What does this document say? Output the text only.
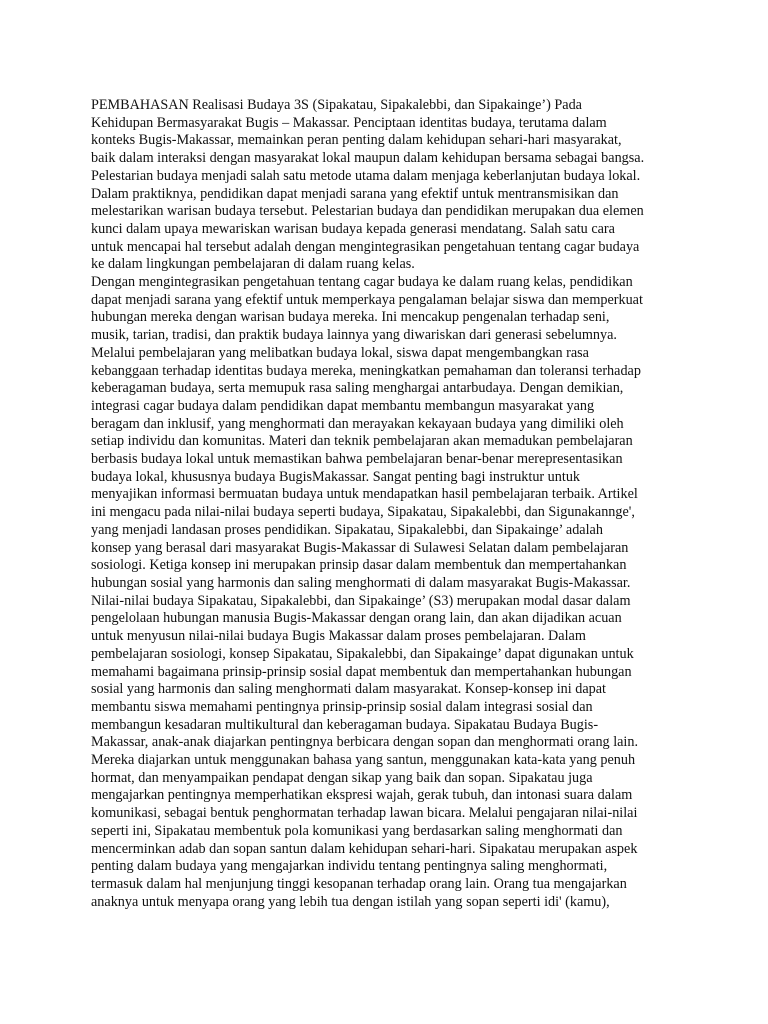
PEMBAHASAN Realisasi Budaya 3S (Sipakatau, Sipakalebbi, dan Sipakainge’) Pada
Kehidupan Bermasyarakat Bugis – Makassar. Penciptaan identitas budaya, terutama dalam
konteks Bugis-Makassar, memainkan peran penting dalam kehidupan sehari-hari masyarakat,
baik dalam interaksi dengan masyarakat lokal maupun dalam kehidupan bersama sebagai bangsa.
Pelestarian budaya menjadi salah satu metode utama dalam menjaga keberlanjutan budaya lokal.
Dalam praktiknya, pendidikan dapat menjadi sarana yang efektif untuk mentransmisikan dan
melestarikan warisan budaya tersebut. Pelestarian budaya dan pendidikan merupakan dua elemen
kunci dalam upaya mewariskan warisan budaya kepada generasi mendatang. Salah satu cara
untuk mencapai hal tersebut adalah dengan mengintegrasikan pengetahuan tentang cagar budaya
ke dalam lingkungan pembelajaran di dalam ruang kelas.

Dengan mengintegrasikan pengetahuan tentang cagar budaya ke dalam ruang kelas, pendidikan
dapat menjadi sarana yang efektif untuk memperkaya pengalaman belajar siswa dan memperkuat
hubungan mereka dengan warisan budaya mereka. Ini mencakup pengenalan terhadap seni,
musik, tarian, tradisi, dan praktik budaya lainnya yang diwariskan dari generasi sebelumnya.
Melalui pembelajaran yang melibatkan budaya lokal, siswa dapat mengembangkan rasa
kebanggaan terhadap identitas budaya mereka, meningkatkan pemahaman dan toleransi terhadap
keberagaman budaya, serta memupuk rasa saling menghargai antarbudaya. Dengan demikian,
integrasi cagar budaya dalam pendidikan dapat membantu membangun masyarakat yang
beragam dan inklusif, yang menghormati dan merayakan kekayaan budaya yang dimiliki oleh
setiap individu dan komunitas. Materi dan teknik pembelajaran akan memadukan pembelajaran
berbasis budaya lokal untuk memastikan bahwa pembelajaran benar-benar merepresentasikan
budaya lokal, khususnya budaya BugisMakassar. Sangat penting bagi instruktur untuk
menyajikan informasi bermuatan budaya untuk mendapatkan hasil pembelajaran terbaik. Artikel
ini mengacu pada nilai-nilai budaya seperti budaya, Sipakatau, Sipakalebbi, dan Sigunakannge',
yang menjadi landasan proses pendidikan. Sipakatau, Sipakalebbi, dan Sipakainge’ adalah
konsep yang berasal dari masyarakat Bugis-Makassar di Sulawesi Selatan dalam pembelajaran
sosiologi. Ketiga konsep ini merupakan prinsip dasar dalam membentuk dan mempertahankan
hubungan sosial yang harmonis dan saling menghormati di dalam masyarakat Bugis-Makassar.
Nilai-nilai budaya Sipakatau, Sipakalebbi, dan Sipakainge’ (S3) merupakan modal dasar dalam
pengelolaan hubungan manusia Bugis-Makassar dengan orang lain, dan akan dijadikan acuan
untuk menyusun nilai-nilai budaya Bugis Makassar dalam proses pembelajaran. Dalam
pembelajaran sosiologi, konsep Sipakatau, Sipakalebbi, dan Sipakainge’ dapat digunakan untuk
memahami bagaimana prinsip-prinsip sosial dapat membentuk dan mempertahankan hubungan
sosial yang harmonis dan saling menghormati dalam masyarakat. Konsep-konsep ini dapat
membantu siswa memahami pentingnya prinsip-prinsip sosial dalam integrasi sosial dan
membangun kesadaran multikultural dan keberagaman budaya. Sipakatau Budaya Bugis-
Makassar, anak-anak diajarkan pentingnya berbicara dengan sopan dan menghormati orang lain.
Mereka diajarkan untuk menggunakan bahasa yang santun, menggunakan kata-kata yang penuh
hormat, dan menyampaikan pendapat dengan sikap yang baik dan sopan. Sipakatau juga
mengajarkan pentingnya memperhatikan ekspresi wajah, gerak tubuh, dan intonasi suara dalam
komunikasi, sebagai bentuk penghormatan terhadap lawan bicara. Melalui pengajaran nilai-nilai
seperti ini, Sipakatau membentuk pola komunikasi yang berdasarkan saling menghormati dan
mencerminkan adab dan sopan santun dalam kehidupan sehari-hari. Sipakatau merupakan aspek
penting dalam budaya yang mengajarkan individu tentang pentingnya saling menghormati,
termasuk dalam hal menjunjung tinggi kesopanan terhadap orang lain. Orang tua mengajarkan
anaknya untuk menyapa orang yang lebih tua dengan istilah yang sopan seperti idi' (kamu),
